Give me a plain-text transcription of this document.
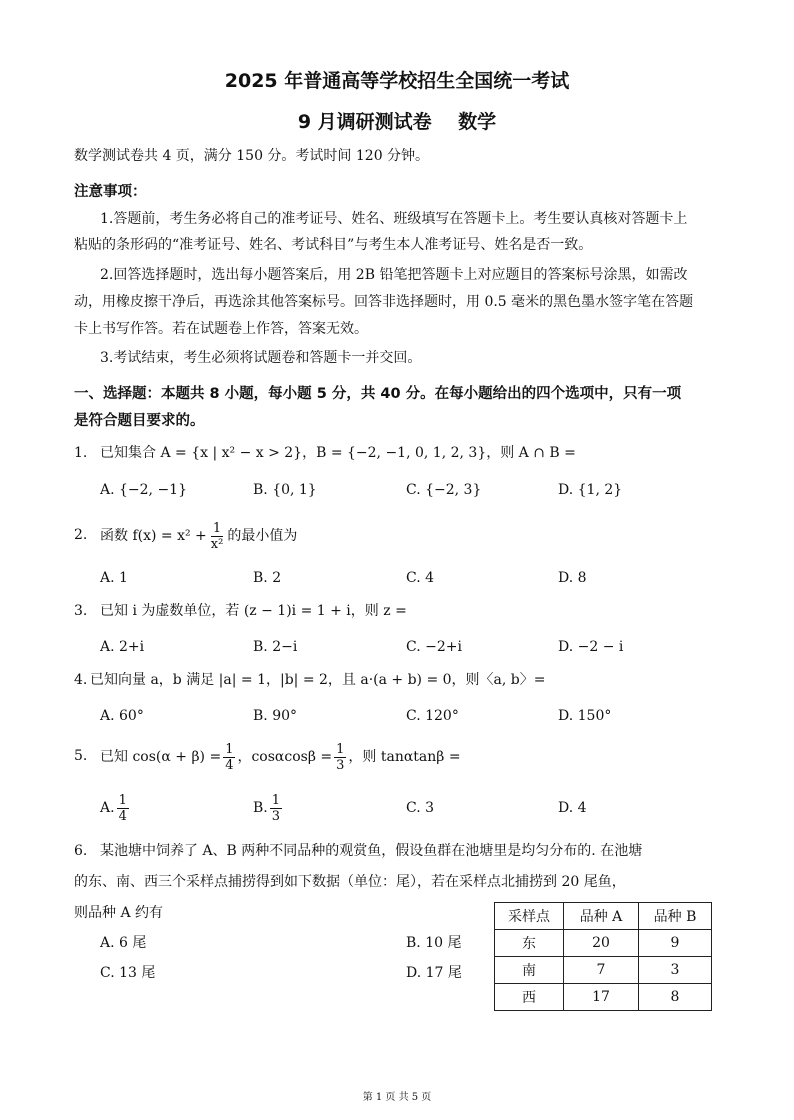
2025 年普通高等学校招生全国统一考试
9 月调研测试卷    数学
数学测试卷共 4 页，满分 150 分。考试时间 120 分钟。
注意事项：
1.答题前，考生务必将自己的准考证号、姓名、班级填写在答题卡上。考生要认真核对答题卡上
粘贴的条形码的“准考证号、姓名、考试科目”与考生本人准考证号、姓名是否一致。
2.回答选择题时，选出每小题答案后，用 2B 铅笔把答题卡上对应题目的答案标号涂黑，如需改
动，用橡皮擦干净后，再选涂其他答案标号。回答非选择题时，用 0.5 毫米的黑色墨水签字笔在答题
卡上书写作答。若在试题卷上作答，答案无效。
3.考试结束，考生必须将试题卷和答题卡一并交回。
一、选择题：本题共 8 小题，每小题 5 分，共 40 分。在每小题给出的四个选项中，只有一项
是符合题目要求的。
1. 已知集合 A = {x | x² − x > 2}，B = {−2, −1, 0, 1, 2, 3}，则 A ∩ B =
A. {−2, −1}	B. {0, 1}	C. {−2, 3}	D. {1, 2}
2. 函数 $f(x) = x^2 + \frac{1}{\text{x²}}$ 的最小值为
A. 1	B. 2	C. 4	D. 8
3. 已知 i 为虚数单位，若 (z − 1)i = 1 + i，则 z =
A. 2+i	B. 2−i	C. −2+i	D. −2 − i
4. 已知向量 a，b 满足 |a| = 1，|b| = 2，且 a·(a + b) = 0，则〈a, b〉=
A. 60°	B. 90°	C. 120°	D. 150°
5. 已知 $\cos(\alpha + \beta) = \frac{1}{4}$ ，$\cos\alpha\cos\beta = \frac{1}{3}$ ，则 tanαtanβ =
A. $\frac{1}{4}$	B. $\frac{1}{3}$	C. 3	D. 4
6. 某池塘中饲养了 A、B 两种不同品种的观赏鱼，假设鱼群在池塘里是均匀分布的. 在池塘
的东、南、西三个采样点捕捞得到如下数据（单位：尾），若在采样点北捕捞到 20 尾鱼，
则品种 A 约有
A. 6 尾	B. 10 尾
C. 13 尾	D. 17 尾
采样点	品种 A	品种 B
东	20	9
南	7	3
西	17	8
第 1 页 共 5 页
